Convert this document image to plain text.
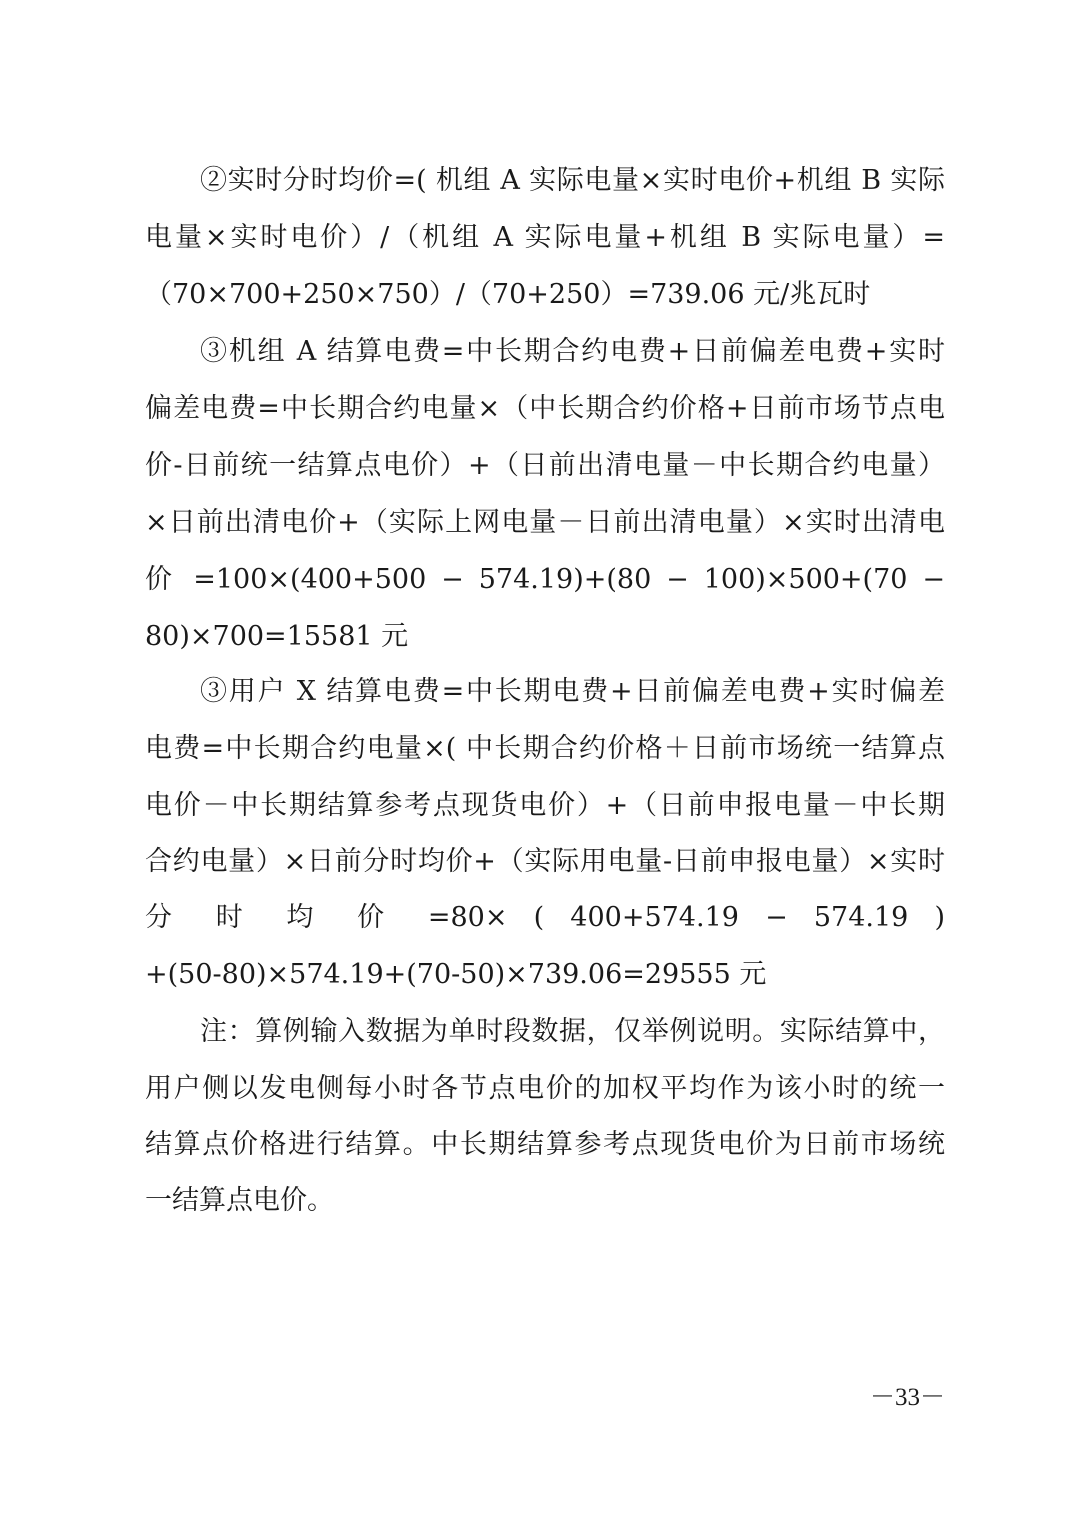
②实时分时均价=( 机组 A 实际电量×实时电价+机组 B 实际
电量×实时电价）/（机组 A 实际电量+机组 B 实际电量）=
（70×700+250×750）/（70+250）=739.06 元/兆瓦时
③机组 A 结算电费=中长期合约电费+日前偏差电费+实时
偏差电费=中长期合约电量×（中长期合约价格+日前市场节点电
价-日前统一结算点电价）+（日前出清电量－中长期合约电量）
×日前出清电价+（实际上网电量－日前出清电量）×实时出清电
价 =100×(400+500 − 574.19)+(80 − 100)×500+(70 −
80)×700=15581 元
③用户 X 结算电费=中长期电费+日前偏差电费+实时偏差
电费=中长期合约电量×( 中长期合约价格＋日前市场统一结算点
电价－中长期结算参考点现货电价）+（日前申报电量－中长期
合约电量）×日前分时均价+（实际用电量-日前申报电量）×实时
分 时 均 价 =80× ( 400+574.19 − 574.19 )
+(50-80)×574.19+(70-50)×739.06=29555 元
注：算例输入数据为单时段数据，仅举例说明。实际结算中，
用户侧以发电侧每小时各节点电价的加权平均作为该小时的统一
结算点价格进行结算。中长期结算参考点现货电价为日前市场统
一结算点电价。
－33－
